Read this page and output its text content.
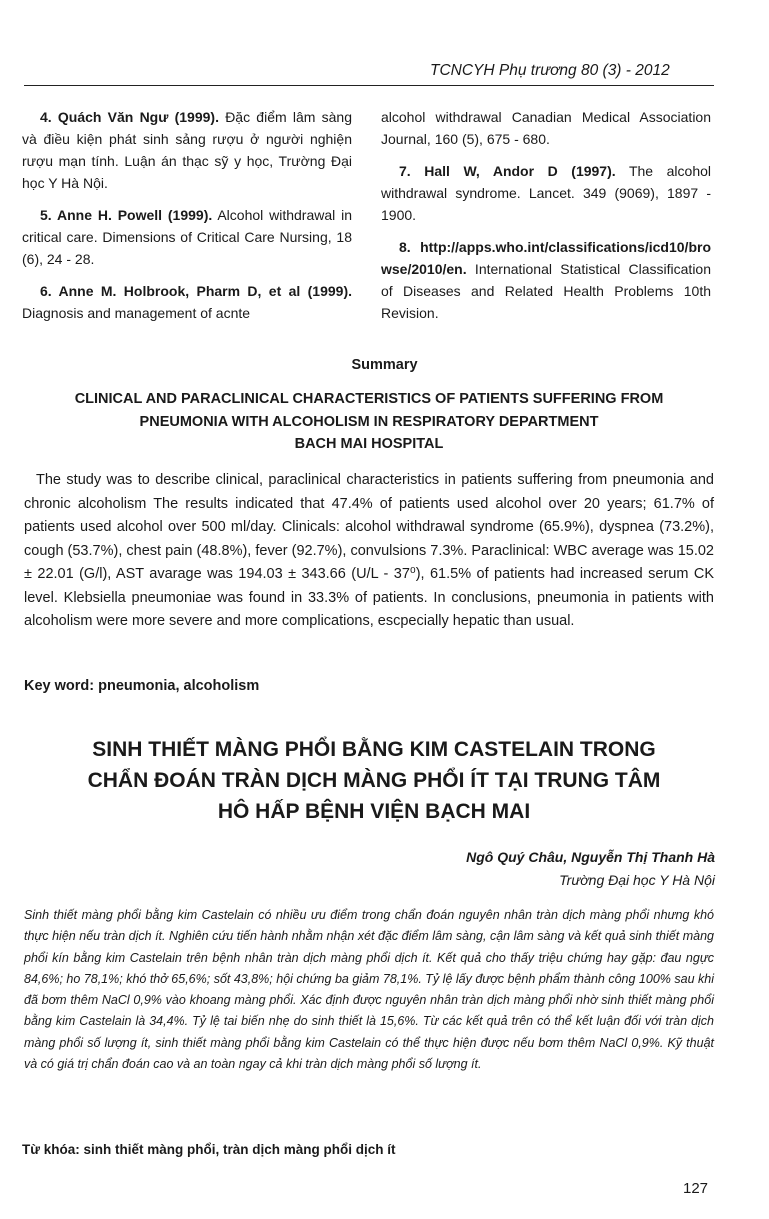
TCNCYH Phụ trương 80 (3) - 2012

4. Quách Văn Ngư (1999). Đặc điểm lâm sàng và điều kiện phát sinh sảng rượu ở người nghiện rượu mạn tính. Luận án thạc sỹ y học, Trường Đại học Y Hà Nội.

5. Anne H. Powell (1999). Alcohol withdrawal in critical care. Dimensions of Critical Care Nursing, 18 (6), 24 - 28.

6. Anne M. Holbrook, Pharm D, et al (1999). Diagnosis and management of acnte

alcohol withdrawal Canadian Medical Association Journal, 160 (5), 675 - 680.

7. Hall W, Andor D (1997). The alcohol withdrawal syndrome. Lancet. 349 (9069), 1897 - 1900.

8. http://apps.who.int/classifications/icd10/browse/2010/en. International Statistical Classification of Diseases and Related Health Problems 10th Revision.

Summary
CLINICAL AND PARACLINICAL CHARACTERISTICS OF PATIENTS SUFFERING FROM
PNEUMONIA WITH ALCOHOLISM IN RESPIRATORY DEPARTMENT
BACH MAI HOSPITAL

The study was to describe clinical, paraclinical characteristics in patients suffering from pneumonia and chronic alcoholism The results indicated that 47.4% of patients used alcohol over 20 years; 61.7% of patients used alcohol over 500 ml/day. Clinicals: alcohol withdrawal syndrome (65.9%), dyspnea (73.2%), cough (53.7%), chest pain (48.8%), fever (92.7%), convulsions 7.3%. Paraclinical: WBC average was 15.02 ± 22.01 (G/l), AST avarage was 194.03 ± 343.66 (U/L - 37⁰), 61.5% of patients had increased serum CK level. Klebsiella pneumoniae was found in 33.3% of patients. In conclusions, pneumonia in patients with alcoholism were more severe and more complications, escpecially hepatic than usual.

Key word: pneumonia, alcoholism
SINH THIẾT MÀNG PHỔI BẰNG KIM CASTELAIN TRONG
CHẨN ĐOÁN TRÀN DỊCH MÀNG PHỔI ÍT TẠI TRUNG TÂM
HÔ HẤP BỆNH VIỆN BẠCH MAI
Ngô Quý Châu, Nguyễn Thị Thanh Hà
Trường Đại học Y Hà Nội

Sinh thiết màng phổi bằng kim Castelain có nhiều ưu điểm trong chẩn đoán nguyên nhân tràn dịch màng phổi nhưng khó thực hiện nếu tràn dịch ít. Nghiên cứu tiến hành nhằm nhận xét đặc điểm lâm sàng, cận lâm sàng và kết quả sinh thiết màng phổi kín bằng kim Castelain trên bệnh nhân tràn dịch màng phổi dịch ít. Kết quả cho thấy triệu chứng hay gặp: đau ngực 84,6%; ho 78,1%; khó thở 65,6%; sốt 43,8%; hội chứng ba giảm 78,1%. Tỷ lệ lấy được bệnh phẩm thành công 100% sau khi đã bơm thêm NaCl 0,9% vào khoang màng phổi. Xác định được nguyên nhân tràn dịch màng phổi nhờ sinh thiết màng phổi bằng kim Castelain là 34,4%. Tỷ lệ tai biến nhẹ do sinh thiết là 15,6%. Từ các kết quả trên có thể kết luận đối với tràn dịch màng phổi số lượng ít, sinh thiết màng phổi bằng kim Castelain có thể thực hiện được nếu bơm thêm NaCl 0,9%. Kỹ thuật và có giá trị chẩn đoán cao và an toàn ngay cả khi tràn dịch màng phổi số lượng ít.

Từ khóa: sinh thiết màng phổi, tràn dịch màng phổi dịch ít
127
